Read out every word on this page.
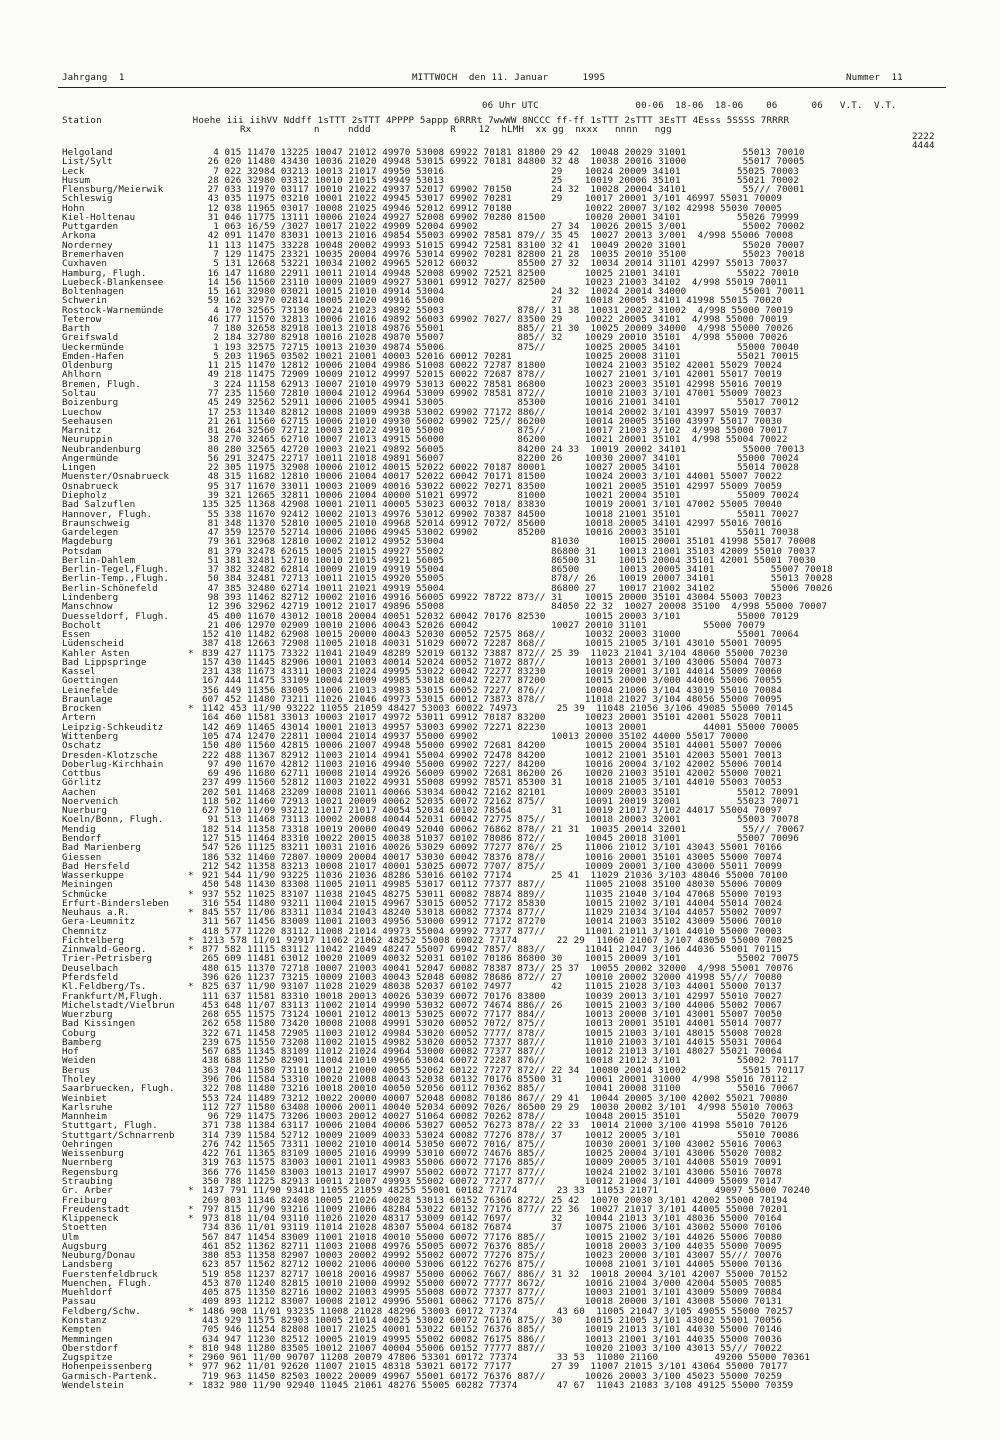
Jahrgang  1	MITTWOCH  den 11. Januar      1995	Nummer  11
06 Uhr UTC                 00-06  18-06  18-06    06      06   V.T.  V.T.
Station                Hoehe iii iihVV Nddff 1sTTT 2sTTT 4PPPP 5appp 6RRRt 7wwWW 8NCCC ff-ff 1sTTT 2sTTT 3EsTT 4Esss 5SSSS 7RRRR
Rx           n     nddd              R    12  hLMH  xx gg  nxxx   nnnn   ngg
2222
4444
Helgoland	4 015 11470 13225 10047 21012 49970 53008 69922 70181 81800 29 42  10048 20029 31001          55013 70010
List/Sylt	26 020 11480 43430 10036 21020 49948 53015 69922 70181 84800 32 48  10038 20016 31000          55017 70005
Leck	7 022 32984 03213 10013 21017 49950 53016                   29    10024 20009 34101          55025 70003
Husum	28 026 32980 03312 10010 21015 49949 53013                   25    10019 20006 35101          55021 70002
Flensburg/Meierwik	27 033 11970 03117 10010 21022 49937 52017 69902 70150       24 32  10028 20004 34101          55/// 70001
Schleswig	43 035 11975 03210 10001 21022 49945 53017 69902 70281       29    10017 20001 3/101 46997 55031 70009
Hohn	12 038 11965 03017 10008 21025 49946 52012 69912 70180             10022 20007 3/102 42998 55030 70005
Kiel-Holtenau	31 046 11775 13111 10006 21024 49927 52008 69902 70280 81500       10020 20001 34101          55026 79999
Puttgarden	1 063 16/59 /3027 10017 21022 49909 52004 69902             27 34  10026 20015 3/001          55002 70002
Arkona	42 091 11470 83031 10013 21016 49854 55003 69902 78581 879// 35 45  10027 20013 3/001  4/998 55006 70008
Norderney	11 113 11475 33228 10048 20002 49993 51015 69942 72581 83100 32 41  10049 20020 31001          55020 70007
Bremerhaven	7 129 11475 23321 10035 20004 49976 53014 69902 70281 82800 21 28  10035 20010 35100          55023 70018
Cuxhaven	5 131 12668 53221 10034 21002 49965 52012 60032       85500 27 32  10034 20014 31101 42997 55013 70037
Hamburg, Flugh.	16 147 11680 22911 10011 21014 49948 52008 69902 72521 82500       10025 21001 34101          55022 70010
Luebeck-Blankensee	14 156 11560 23110 10009 21009 49927 53001 69912 7027/ 82500       10023 21003 34102  4/998 55019 70011
Boltenhagen	15 161 32980 03021 10015 21010 49914 53004                   24 32  10024 20014 34000          55001 70011
Schwerin	59 162 32970 02814 10005 21020 49916 55000                   27    10018 20005 34101 41998 55015 70020
Rostock-Warnemünde	4 170 32565 73130 10024 21023 49892 55003             878// 31 38  10031 20022 31002  4/998 55000 70019
Teterow	46 177 11570 32813 10006 21016 49892 56003 69902 7027/ 83500 29    10022 20005 34101  4/998 55000 70019
Barth	7 180 32658 82918 10013 21018 49876 55001             885// 21 30  10025 20009 34000  4/998 55000 70026
Greifswald	2 184 32780 82918 10016 21028 49870 55007             885// 32    10029 20010 35101  4/998 55000 70026
Ueckermünde	1 193 32575 72715 10013 21030 49874 55006             875//       10025 20005 34101          55000 70040
Emden-Hafen	5 203 11965 03502 10021 21001 40003 52016 60012 70281             10025 20008 31101          55021 70015
Oldenburg	11 215 11470 12812 10006 21004 49986 51008 60022 72787 81800       10024 21003 35102 42001 55029 70024
Ahlhorn	49 218 11475 72909 10009 21012 49997 52015 60022 72687 878//       10027 21001 3/101 42001 55017 70019
Bremen, Flugh.	3 224 11158 62913 10007 21010 49979 53013 60022 78581 86800       10023 20003 35101 42998 55016 70019
Soltau	77 235 11560 72810 10004 21012 49964 53009 69902 78581 872//       10010 21003 3/101 47001 55009 70023
Boizenburg	45 249 32562 52911 10006 21005 49941 53005             85300       10016 21001 34101          55017 70012
Luechow	17 253 11340 82812 10008 21009 49938 53002 69902 77172 886//       10014 20002 3/101 43997 55019 70037
Seehausen	21 261 11560 62715 10006 21010 49930 56002 69902 725// 86200       10014 20005 35100 43997 55017 70030
Marnitz	81 264 32560 72712 10003 21022 49910 55000             875//       10017 21003 3/102  4/998 55000 70017
Neuruppin	38 270 32465 62710 10007 21013 49915 56000             86200       10021 20001 35101  4/998 55004 70022
Neubrandenburg	80 280 32565 42720 10003 21021 49892 56005             84200 24 33  10019 20002 34101          55000 70013
Angermünde	56 291 32475 22717 10011 21018 49891 56007             82200 26    10030 20007 34101          55000 70024
Lingen	22 305 11975 32908 10006 21012 40015 52022 60022 70187 80001       10027 20005 34101          55014 70028
Muenster/Osnabrueck	48 315 11682 12810 10006 21004 40017 52022 60042 70171 81500       10024 20003 3/101 44001 55007 70022
Osnabrueck	95 317 11670 33011 10003 21009 40016 53022 60022 70271 83500       10021 20005 35101 42997 55009 70059
Diepholz	39 321 12665 32811 10006 21004 40000 51021 69972       81000       10021 20004 35101          55009 70024
Bad Salzuflen	135 325 11368 42908 10001 21011 40005 53023 60032 7018/ 83830       10019 20001 3/101 47002 55005 70040
Hannover, Flugh.	55 338 11670 92412 10002 21013 49976 53012 69902 70387 84500       10018 21001 35101          55011 70027
Braunschweig	81 348 11370 52810 10005 21010 49968 52014 69912 7072/ 85600       10018 20005 34101 42997 55016 70016
Gardelegen	47 359 12570 52714 10006 21006 49945 53002 69902       85200       10016 20003 35101          55011 70038
Magdeburg	79 361 32968 12810 10002 21012 49952 53004                   81030       10015 20001 35101 41998 55017 70008
Potsdam	81 379 32478 62615 10005 21015 49927 55002                   86800 31    10013 21001 35103 42009 55010 70037
Berlin-Dahlem	51 381 32481 52710 10010 21015 49921 56005                   86500 31    10015 20004 35101 42001 55001 70030
Berlin-Tegel,Flugh.	37 382 32482 62814 10009 21019 49919 55004                   86500       10013 20005 34101          55007 70018
Berlin-Temp.,Flugh.	50 384 32481 72713 10011 21015 49920 55005                   878// 26    10019 20007 34101          55013 70028
Berlin-Schönefeld	47 385 32480 62714 10011 21021 49919 55004                   86800 27    10017 21002 34102          55006 70026
Lindenberg	98 393 11462 82712 10002 21016 49916 56005 69922 78722 873// 31    10015 20000 35101 43004 55003 70023
Manschnow	12 396 32962 42719 10012 21017 49896 55008                   84050 22 32  10027 20008 35100  4/998 55000 70007
Duesseldorf, Flugh.	45 400 11670 43012 10018 20004 40051 52032 60042 70176 82530       10015 20003 3/101          55000 70129
Bocholt	21 406 12970 02909 10010 21006 40043 52026 60042             10027 20010 31101          55000 70079
Essen	152 410 11482 62908 10015 20000 40043 52030 60052 72575 868//       10032 20003 31000          55001 70064
Lüdenscheid	387 418 12663 72908 11005 21018 40031 51029 60072 72287 868//       10015 21005 3/101 43010 55001 70095
Kahler Asten	* 839 427 11175 73322 11041 21049 48289 52019 60132 73887 872// 25 39  11023 21041 3/104 48060 55000 70230
Bad Lippspringe	157 430 11445 82906 10001 21003 40014 52024 60052 71072 887//       10013 20001 3/100 43006 55004 70073
Kassel	231 438 11673 43311 10003 21024 49995 53022 60042 72277 83230       10019 20001 3/101 44014 55009 70060
Goettingen	167 444 11475 33109 10004 21009 49985 53018 60042 72277 87200       10015 20000 3/000 44006 55006 70055
Leinefelde	356 449 11356 83005 11006 21013 49983 53015 60052 7227/ 876//       10004 21006 3/104 43019 55010 70084
Braunlage	607 452 11480 73211 11026 21046 49973 53015 60012 73873 878//       11018 21027 3/104 48056 55000 70095
Brocken	* 1142 453 11/90 93222 11055 21059 48427 53003 60022 74973       25 39  11048 21056 3/106 49085 55000 70145
Artern	164 460 11581 33013 10003 21017 49972 53011 69912 70187 83200       10023 20001 35101 42001 55028 70011
Leipzig-Schkeuditz	142 469 11465 43014 10001 21013 49957 53003 69902 72271 82230       10013 20001          44001 55000 70005
Wittenberg	105 474 12470 22811 10004 21014 49937 55000 69902             10013 20000 35102 44000 55017 70000
Oschatz	150 480 11560 42815 10006 21007 49948 55000 69902 72681 84200       10015 20004 35101 44001 55007 70006
Dresden-Klotzsche	222 488 11367 82912 11003 21014 49941 55004 69902 72478 84200       10012 21001 35101 42003 55001 70013
Doberlug-Kirchhain	97 490 11670 42812 11003 21016 49940 55000 69902 7227/ 84200       10016 20004 3/102 42002 55006 70014
Cottbus	69 496 11680 62711 10008 21014 49926 56009 69902 72681 86200 26    10020 21003 35101 42002 55000 70021
Görlitz	237 499 11560 52812 11003 21022 49931 55008 69992 78571 85300 31    10018 21005 3/101 44010 55003 70053
Aachen	202 501 11468 23209 10008 21011 40066 53034 60042 72162 82101       10009 20003 35101          55012 70091
Noervenich	118 502 11460 72913 10021 20009 40062 52035 60072 72162 875//       10091 20019 32001          55023 70071
Nuerburg	627 510 11/09 93212 11017 21017 40054 52034 60102 78564       31    10019 21017 3/102 44017 55004 70097
Koeln/Bonn, Flugh.	91 513 11468 73113 10002 20008 40044 52031 60042 72775 875//       10018 20003 32001          55003 70078
Mendig	182 514 11358 73318 10019 20000 40049 52040 60062 76862 878// 21 31  10035 20014 32001          55/// 70067
Bendorf	127 515 11464 83310 10022 20015 40038 51037 60102 78086 872//       10045 20018 31001          55007 70096
Bad Marienberg	547 526 11125 83211 10031 21016 40026 53029 60092 77277 876// 25    11006 21012 3/101 43043 55001 70166
Giessen	186 532 11460 72807 10009 20004 40017 53030 60042 78376 878//       10016 20001 35101 43005 55000 70074
Bad Hersfeld	212 542 11358 83213 10008 21017 40001 53025 60072 7707/ 875//       10009 20001 3/100 43000 55011 70099
Wasserkuppe	* 921 544 11/90 93225 11036 21036 48286 53016 60102 77174       25 41  11029 21036 3/103 48046 55000 70100
Meiningen	450 548 11430 83308 11005 21011 49985 53017 60112 77377 887//       11005 21008 35100 48030 55006 70009
Schmücke	* 937 552 11025 83107 11038 21045 48275 53011 60082 78874 889//       11035 21040 3/104 47068 55000 70193
Erfurt-Bindersleben	316 554 11480 93211 11004 21015 49967 53015 60052 77172 85830       10015 21002 3/101 44004 55014 70024
Neuhaus a.R.	* 845 557 11/06 83311 11034 21043 48240 53018 60082 77374 877//       11029 21034 3/104 44057 55002 70097
Gera-Leumnitz	311 567 11456 83009 11001 21003 49956 53000 69912 77172 87270       10014 21003 35102 43009 55006 70010
Chemnitz	418 577 11220 83112 11008 21014 49973 55004 69992 77377 877//       11001 21011 3/101 44010 55000 70003
Fichtelberg	* 1213 578 11/01 92917 11062 21062 48252 55008 60022 77174       22 29  11060 21067 3/107 48050 55000 70025
Zinnwald-Georg.	* 877 582 11115 83112 11042 21049 48247 55007 69942 7857/ 883//       11041 21047 3/106 44036 55001 70115
Trier-Petrisberg	265 609 11481 63012 10020 21009 40032 52031 60102 70186 86800 30    10015 20009 3/101          55002 70075
Deuselbach	480 615 11370 72718 10007 21003 40041 52047 60082 78387 873// 25 37  10055 20002 32000  4/998 55001 70076
Pferdsfeld	396 626 11237 73215 10009 21003 40043 52048 60082 78686 872// 27    10010 20002 32000 41998 55/// 70080
Kl.Feldberg/Ts.	* 825 637 11/90 93107 11028 21029 48038 52037 60102 74977       42    11015 21028 3/103 44001 55000 70137
Frankfurt/M,Flugh.	111 637 11581 83310 10018 20013 40026 53039 60072 70176 83800       10039 20013 3/101 42997 55010 70027
Michelstadt/Vielbrun	453 648 11/07 83113 11002 21014 49990 53032 60072 74674 886// 26    10015 21003 3/100 44006 55002 70067
Wuerzburg	268 655 11575 73124 10001 21012 40013 53025 60072 77177 884//       10013 20000 3/101 43001 55007 70050
Bad Kissingen	262 658 11580 73420 10008 21008 49991 53020 60052 7072/ 875//       10013 20001 35101 44001 55014 70077
Coburg	322 671 11458 72905 11003 21012 49984 53020 60052 7777/ 878//       10015 21003 3/101 48015 55008 70028
Bamberg	239 675 11550 73208 11002 21015 49982 53020 60052 77377 887//       11010 21003 3/101 44015 55031 70064
Hof	567 685 11345 83109 11012 21024 49964 53000 60082 77377 887//       10012 21013 3/101 48027 55021 70064
Weiden	438 688 11250 82901 11004 21010 49966 53004 60072 72287 876//       10018 21012 3/101          55002 70117
Berus	363 704 11580 73110 10012 21000 40055 52062 60122 77277 872// 22 34  10080 20014 31002          55015 70117
Tholey	396 706 11584 53310 10020 21008 40043 52038 60132 70176 85500 31    10061 20001 31000  4/998 55016 70112
Saarbruecken, Flugh.	322 708 11480 73216 10018 20010 40050 52056 60112 70362 885//       10041 20008 31100          55016 70067
Weinbiet	553 724 11489 73212 10022 20000 40007 52048 60082 70186 867// 29 41  10044 20005 3/100 42002 55021 70080
Karlsruhe	112 727 11580 63408 10006 20011 40040 52034 60092 7026/ 86500 29 29  10030 20002 3/101  4/998 55010 70063
Mannheim	96 729 11475 73206 10003 20012 40027 51064 60082 70262 878//       10048 20015 35101          55020 70079
Stuttgart, Flugh.	371 738 11384 63117 10006 21004 40006 53027 60052 76273 878// 22 33  10014 21000 3/100 41998 55010 70126
Stuttgart/Schnarrenb	314 739 11584 52712 10009 21009 40033 53024 60082 77276 878// 37    10012 20005 3/101          55010 70086
Oehringen	276 742 11565 73311 10002 21010 40014 53050 60072 7016/ 875//       10030 20001 3/100 43002 55016 70063
Weissenburg	422 761 11365 83109 10005 21016 49999 53010 60072 74676 885//       10025 20004 3/101 43006 55020 70082
Nuernberg	319 763 11575 83003 10001 21011 49983 55006 60072 77176 885//       10009 20005 3/101 44008 55019 70091
Regensburg	366 776 11450 83003 10013 21017 49997 55002 60072 77177 877//       10024 21002 3/101 43006 55016 70078
Straubing	350 788 11225 82913 10011 21007 49993 55002 60072 77277 877//       10012 21004 3/101 44009 55009 70147
Gr. Arber	* 1437 791 11/90 93418 11055 21059 48255 55001 60182 77174       23 33  11053 21071          49097 55000 70240
Freiburg	269 803 11346 82408 10005 21026 40028 53013 60152 76366 8272/ 25 42  10070 20030 3/101 42002 55000 70194
Freudenstadt	* 797 815 11/90 93216 11009 21006 48284 53022 60132 77176 877// 22 36  10027 21017 3/101 44005 55000 70201
Klippeneck	* 973 818 11/04 93110 11026 21020 48317 53009 60142 7697/       32    10044 21013 3/101 48036 55000 70164
Stoetten	734 836 11/01 93119 11014 21028 48307 55004 60182 76874       37    10075 21006 3/101 43002 55000 70106
Ulm	567 847 11454 83009 11001 21018 40010 55000 60072 77176 885//       10015 21002 3/101 44026 55006 70080
Augsburg	461 852 11362 82711 11003 21008 49976 55005 60072 76376 885//       10018 20003 3/100 44035 55000 70095
Neuburg/Donau	380 853 11358 82907 10003 20002 49992 55002 60072 77276 875//       10023 20000 3/101 43007 55/// 70076
Landsberg	623 857 11562 82712 10002 21006 40000 53006 60122 76276 875//       10008 21001 3/101 44005 55000 70136
Fuerstenfeldbruck	519 858 11237 82717 10018 20016 49987 55000 60062 7667/ 886// 31 32  10018 20004 3/101 42007 55000 70152
Muenchen, Flugh.	453 870 11240 82815 10010 21000 49992 55000 60072 77777 8672/       10016 21004 3/000 42004 55005 70085
Muehldorf	405 875 11350 82716 10002 21003 49995 55008 60072 77377 877//       10003 21001 3/101 43009 55009 70084
Passau	409 893 11212 83007 10008 21012 49996 55001 60062 77176 875//       10018 20000 3/101 43008 55000 70131
Feldberg/Schw.	* 1486 908 11/01 93235 11008 21028 48296 53003 60172 77374       43 60  11005 21047 3/105 49055 55000 70257
Konstanz	443 929 11575 82903 10005 21014 40025 53002 60072 76176 875// 30    10015 21005 3/101 43002 55001 70056
Kempten	705 946 11254 82808 10017 21025 40001 53022 60152 76376 885//       10019 21013 3/101 44030 55000 70146
Memmingen	634 947 11230 82512 10005 21019 49995 55002 60082 76175 886//       10013 21001 3/101 44035 55000 70036
Oberstdorf	* 810 948 11280 83505 10012 21007 40004 55006 60152 77777 887//       10020 21003 3/100 43013 55/// 70022
Zugspitze	* 2960 961 11/00 90707 11208 20079 47806 53301 60172 77374       33 53  11080 21160          49200 55000 70361
Hohenpeissenberg	* 977 962 11/01 92620 11007 21015 48318 53021 60172 77177       27 39  11007 21015 3/101 43064 55000 70177
Garmisch-Partenk.	719 963 11450 82503 10022 20009 49967 55001 60172 76376 887//       10026 20003 3/100 45023 55000 70259
Wendelstein	* 1832 980 11/90 92940 11045 21061 48276 55005 60282 77374       47 67  11043 21083 3/108 49125 55000 70359
